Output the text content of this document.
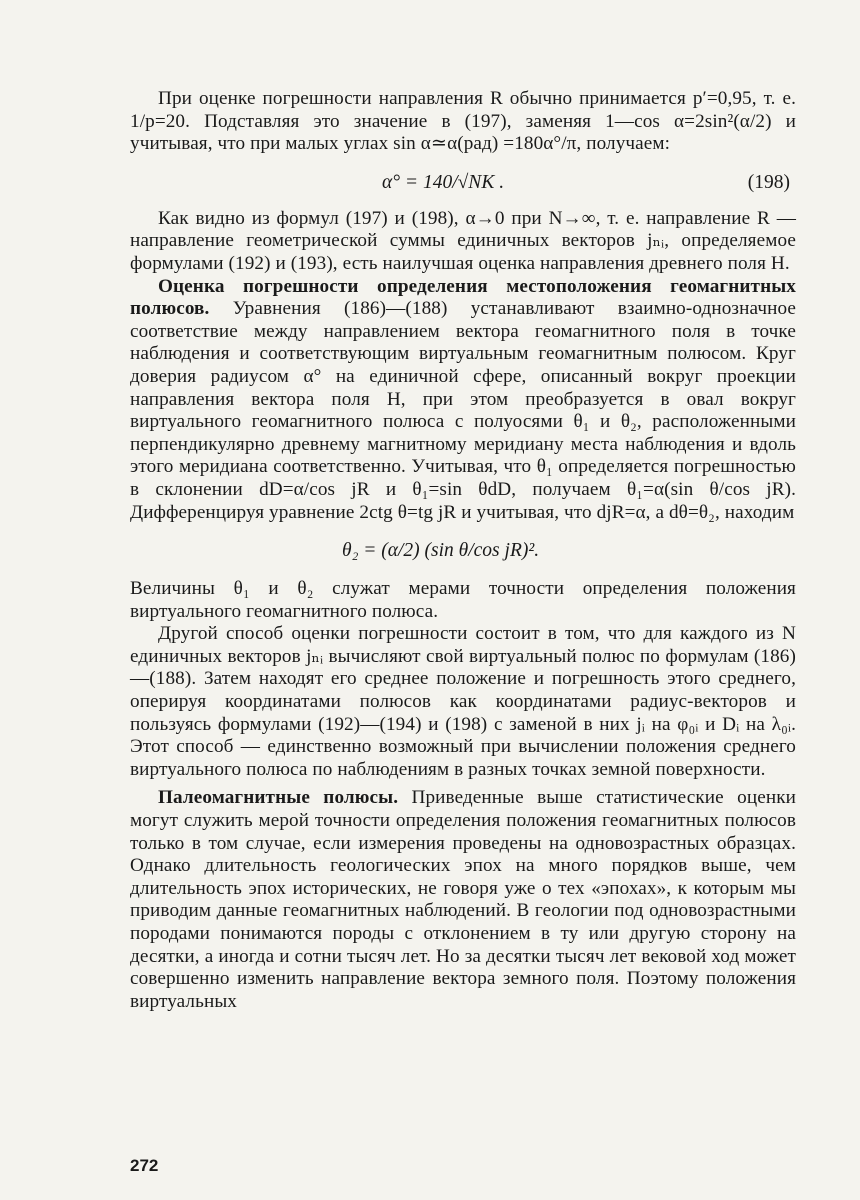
При оценке погрешности направления R обычно принимается p′=0,95, т. е. 1/p=20. Подставляя это значение в (197), заменяя 1—cos α=2sin²(α/2) и учитывая, что при малых углах sin α≃α(рад) =180α°/π, получаем:

α° = 140/√NK .	(198)

Как видно из формул (197) и (198), α→0 при N→∞, т. е. направление R — направление геометрической суммы единичных векторов jₙᵢ, определяемое формулами (192) и (193), есть наилучшая оценка направления древнего поля H.

Оценка погрешности определения местоположения геомагнитных полюсов. Уравнения (186)—(188) устанавливают взаимно-однозначное соответствие между направлением вектора геомагнитного поля в точке наблюдения и соответствующим виртуальным геомагнитным полюсом. Круг доверия радиусом α° на единичной сфере, описанный вокруг проекции направления вектора поля H, при этом преобразуется в овал вокруг виртуального геомагнитного полюса с полуосями θ₁ и θ₂, расположенными перпендикулярно древнему магнитному меридиану места наблюдения и вдоль этого меридиана соответственно. Учитывая, что θ₁ определяется погрешностью в склонении dD=α/cos jR и θ₁=sin θdD, получаем θ₁=α(sin θ/cos jR). Дифференцируя уравнение 2ctg θ=tg jR и учитывая, что djR=α, а dθ=θ₂, находим

θ₂ = (α/2) (sin θ/cos jR)².

Величины θ₁ и θ₂ служат мерами точности определения положения виртуального геомагнитного полюса.

Другой способ оценки погрешности состоит в том, что для каждого из N единичных векторов jₙᵢ вычисляют свой виртуальный полюс по формулам (186)—(188). Затем находят его среднее положение и погрешность этого среднего, оперируя координатами полюсов как координатами радиус-векторов и пользуясь формулами (192)—(194) и (198) с заменой в них jᵢ на φ₀ᵢ и Dᵢ на λ₀ᵢ. Этот способ — единственно возможный при вычислении положения среднего виртуального полюса по наблюдениям в разных точках земной поверхности.

Палеомагнитные полюсы. Приведенные выше статистические оценки могут служить мерой точности определения положения геомагнитных полюсов только в том случае, если измерения проведены на одновозрастных образцах. Однако длительность геологических эпох на много порядков выше, чем длительность эпох исторических, не говоря уже о тех «эпохах», к которым мы приводим данные геомагнитных наблюдений. В геологии под одновозрастными породами понимаются породы с отклонением в ту или другую сторону на десятки, а иногда и сотни тысяч лет. Но за десятки тысяч лет вековой ход может совершенно изменить направление вектора земного поля. Поэтому положения виртуальных

272
